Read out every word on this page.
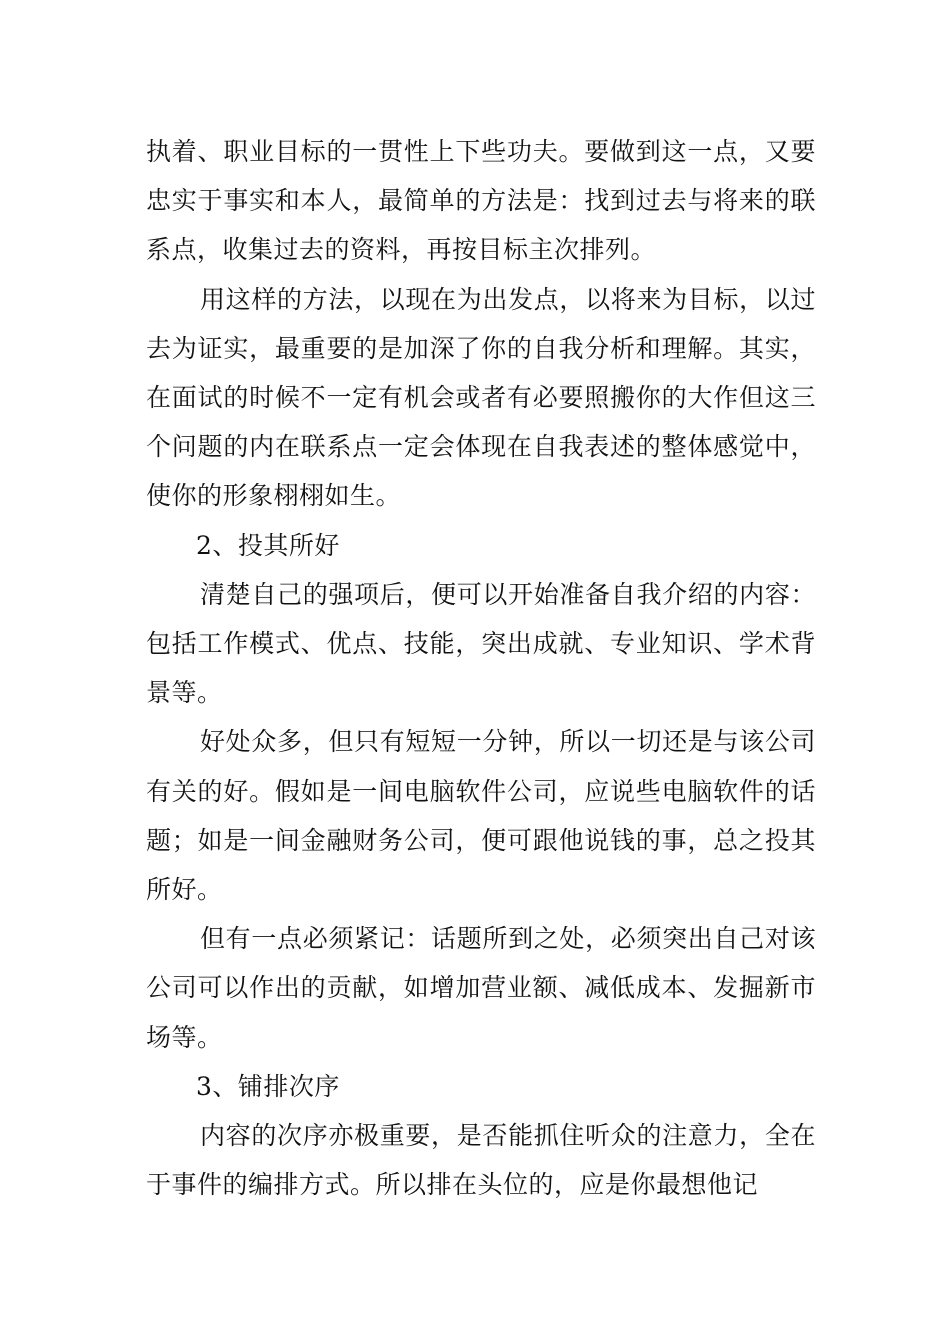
执着、职业目标的一贯性上下些功夫。要做到这一点，又要忠实于事实和本人，最简单的方法是：找到过去与将来的联系点，收集过去的资料，再按目标主次排列。

用这样的方法，以现在为出发点，以将来为目标，以过去为证实，最重要的是加深了你的自我分析和理解。其实，在面试的时候不一定有机会或者有必要照搬你的大作但这三个问题的内在联系点一定会体现在自我表述的整体感觉中，使你的形象栩栩如生。

2、投其所好

清楚自己的强项后，便可以开始准备自我介绍的内容：包括工作模式、优点、技能，突出成就、专业知识、学术背景等。

好处众多，但只有短短一分钟，所以一切还是与该公司有关的好。假如是一间电脑软件公司，应说些电脑软件的话题；如是一间金融财务公司，便可跟他说钱的事，总之投其所好。

但有一点必须紧记：话题所到之处，必须突出自己对该公司可以作出的贡献，如增加营业额、减低成本、发掘新市场等。

3、铺排次序

内容的次序亦极重要，是否能抓住听众的注意力，全在于事件的编排方式。所以排在头位的，应是你最想他记
